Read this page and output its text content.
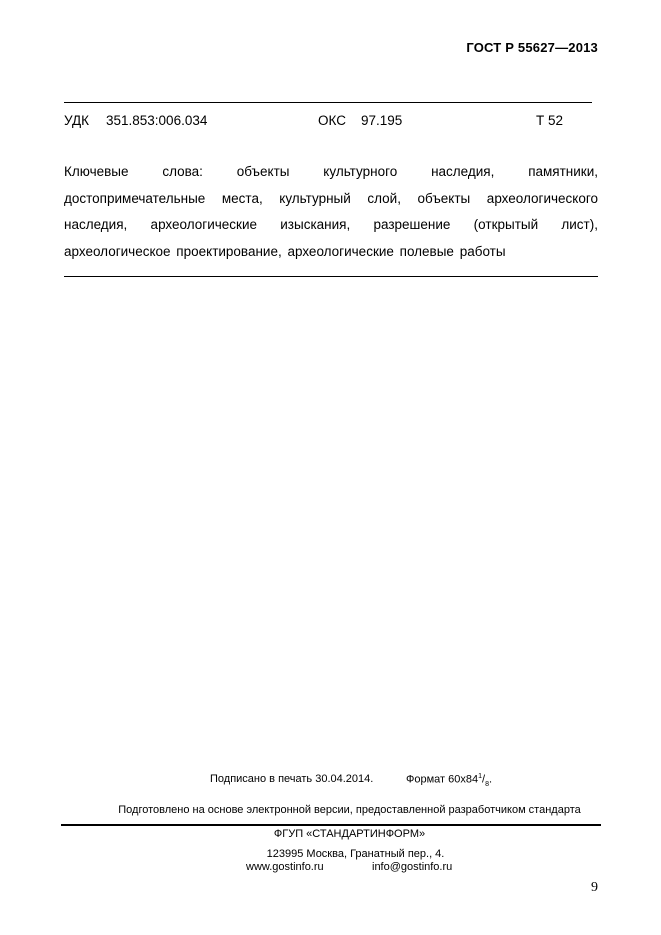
ГОСТ Р 55627—2013
УДК 351.853:006.034	ОКС 97.195	Т 52
Ключевые слова: объекты культурного наследия, памятники,
достопримечательные места, культурный слой, объекты археологического
наследия, археологические изыскания, разрешение (открытый лист),
археологическое проектирование, археологические полевые работы
Подписано в печать 30.04.2014.	Формат $60x84^1/_8$.
Подготовлено на основе электронной версии, предоставленной разработчиком стандарта
ФГУП «СТАНДАРТИНФОРМ»
123995 Москва, Гранатный пер., 4.
www.gostinfo.ru	info@gostinfo.ru
9
